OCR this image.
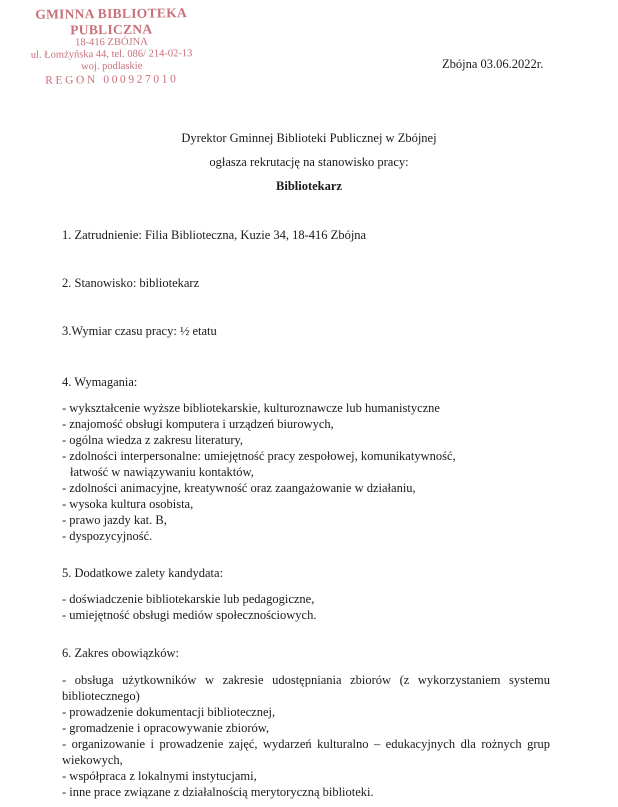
GMINNA BIBLIOTEKA PUBLICZNA
18-416 ZBÓJNA
ul. Łomżyńska 44, tel. 086/ 214-02-13
woj. podlaskie
REGON 000927010
Zbójna 03.06.2022r.
Dyrektor Gminnej Biblioteki Publicznej w Zbójnej
ogłasza rekrutację na stanowisko pracy:
Bibliotekarz
1. Zatrudnienie: Filia Biblioteczna, Kuzie 34, 18-416 Zbójna
2. Stanowisko: bibliotekarz
3.Wymiar czasu pracy: ½ etatu
4. Wymagania:
- wykształcenie wyższe bibliotekarskie, kulturoznawcze lub humanistyczne
- znajomość obsługi komputera i urządzeń biurowych,
- ogólna wiedza z zakresu literatury,
- zdolności interpersonalne: umiejętność pracy zespołowej, komunikatywność,
łatwość w nawiązywaniu kontaktów,
- zdolności animacyjne, kreatywność oraz zaangażowanie w działaniu,
- wysoka kultura osobista,
- prawo jazdy kat. B,
- dyspozycyjność.
5. Dodatkowe zalety kandydata:
- doświadczenie bibliotekarskie lub pedagogiczne,
- umiejętność obsługi mediów społecznościowych.
6. Zakres obowiązków:
- obsługa użytkowników w zakresie udostępniania zbiorów (z wykorzystaniem systemu
bibliotecznego)
- prowadzenie dokumentacji bibliotecznej,
- gromadzenie i opracowywanie zbiorów,
- organizowanie i prowadzenie zajęć, wydarzeń kulturalno – edukacyjnych dla rożnych grup
wiekowych,
- współpraca z lokalnymi instytucjami,
- inne prace związane z działalnością merytoryczną biblioteki.
